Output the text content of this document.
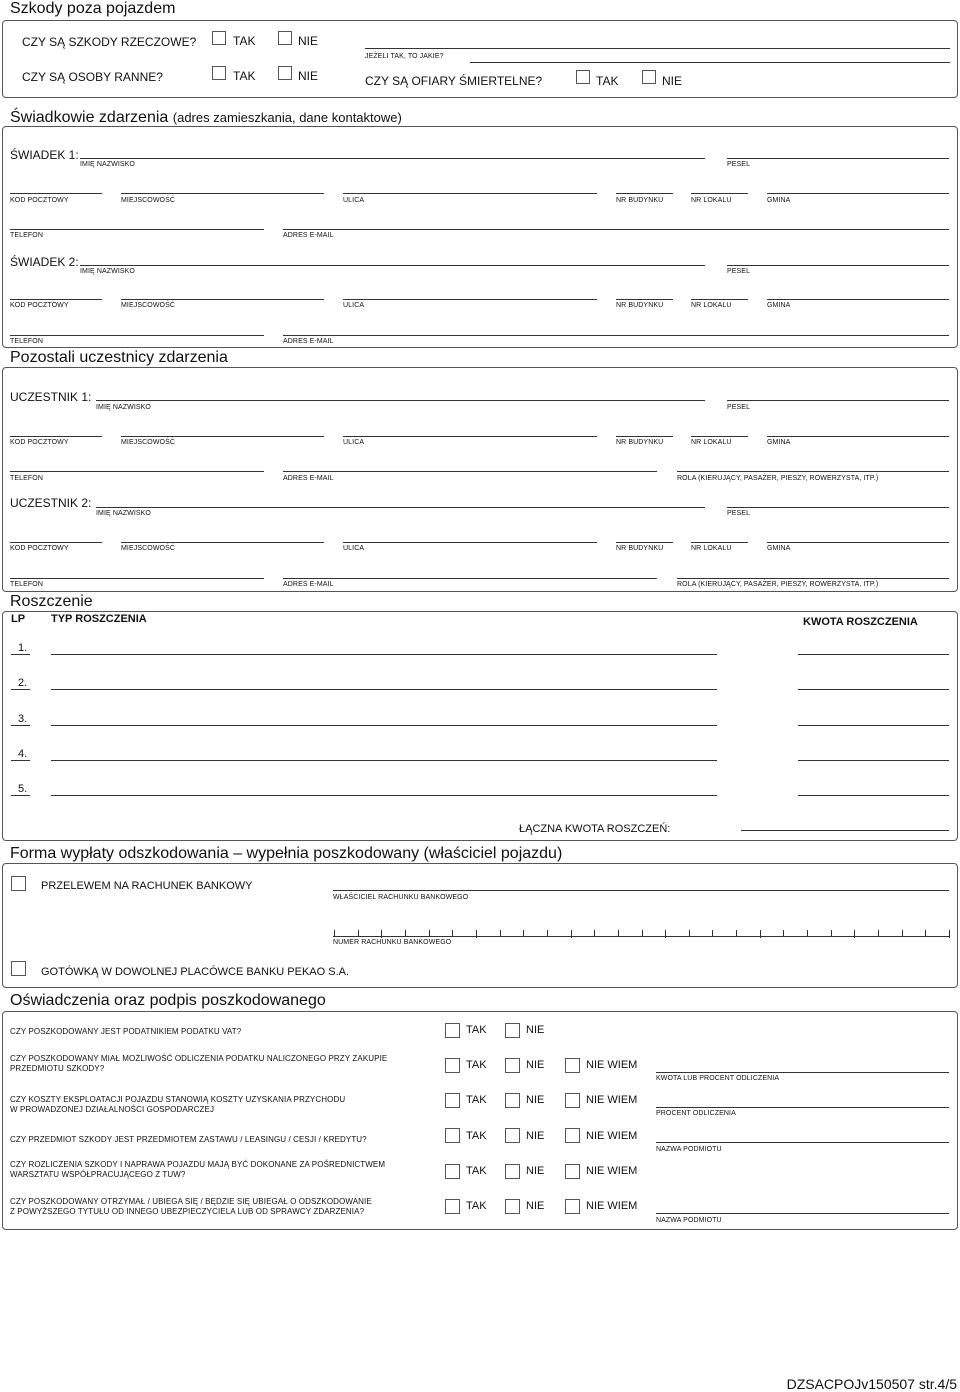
Szkody poza pojazdem
CZY SĄ SZKODY RZECZOWE?	TAK	NIE
JEŻELI TAK, TO JAKIE?
CZY SĄ OSOBY RANNE?	TAK	NIE	CZY SĄ OFIARY ŚMIERTELNE?	TAK	NIE
Świadkowie zdarzenia (adres zamieszkania, dane kontaktowe)
ŚWIADEK 1:
IMIĘ NAZWISKO	PESEL
KOD POCZTOWY	MIEJSCOWOŚĆ	ULICA	NR BUDYNKU	NR LOKALU	GMINA
TELEFON	ADRES E-MAIL
ŚWIADEK 2:
IMIĘ NAZWISKO	PESEL
KOD POCZTOWY	MIEJSCOWOŚĆ	ULICA	NR BUDYNKU	NR LOKALU	GMINA
TELEFON	ADRES E-MAIL
Pozostali uczestnicy zdarzenia
UCZESTNIK 1:
IMIĘ NAZWISKO	PESEL
KOD POCZTOWY	MIEJSCOWOŚĆ	ULICA	NR BUDYNKU	NR LOKALU	GMINA
TELEFON	ADRES E-MAIL	ROLA (KIERUJĄCY, PASAŻER, PIESZY, ROWERZYSTA, ITP.)
UCZESTNIK 2:
IMIĘ NAZWISKO	PESEL
KOD POCZTOWY	MIEJSCOWOŚĆ	ULICA	NR BUDYNKU	NR LOKALU	GMINA
TELEFON	ADRES E-MAIL	ROLA (KIERUJĄCY, PASAŻER, PIESZY, ROWERZYSTA, ITP.)
Roszczenie
LP TYP ROSZCZENIA	KWOTA ROSZCZENIA
1.
2.
3.
4.
5.
ŁĄCZNA KWOTA ROSZCZEŃ:
Forma wypłaty odszkodowania – wypełnia poszkodowany (właściciel pojazdu)
PRZELEWEM NA RACHUNEK BANKOWY
WŁAŚCICIEL RACHUNKU BANKOWEGO
NUMER RACHUNKU BANKOWEGO
GOTÓWKĄ W DOWOLNEJ PLACÓWCE BANKU PEKAO S.A.
Oświadczenia oraz podpis poszkodowanego
CZY POSZKODOWANY JEST PODATNIKIEM PODATKU VAT?	TAK	NIE
CZY POSZKODOWANY MIAŁ MOŻLIWOŚĆ ODLICZENIA PODATKU NALICZONEGO PRZY ZAKUPIE
PRZEDMIOTU SZKODY?	TAK	NIE	NIE WIEM
KWOTA LUB PROCENT ODLICZENIA
CZY KOSZTY EKSPLOATACJI POJAZDU STANOWIĄ KOSZTY UZYSKANIA PRZYCHODU
W PROWADZONEJ DZIAŁALNOŚCI GOSPODARCZEJ
TAK	NIE	NIE WIEM
PROCENT ODLICZENIA
CZY PRZEDMIOT SZKODY JEST PRZEDMIOTEM ZASTAWU / LEASINGU / CESJI / KREDYTU?	TAK	NIE	NIE WIEM
NAZWA PODMIOTU
CZY ROZLICZENIA SZKODY I NAPRAWA POJAZDU MAJĄ BYĆ DOKONANE ZA POŚREDNICTWEM
WARSZTATU WSPÓŁPRACUJĄCEGO Z TUW?	TAK	NIE	NIE WIEM
CZY POSZKODOWANY OTRZYMAŁ / UBIEGA SIĘ / BĘDZIE SIĘ UBIEGAŁ O ODSZKODOWANIE
Z POWYŻSZEGO TYTUŁU OD INNEGO UBEZPIECZYCIELA LUB OD SPRAWCY ZDARZENIA?	TAK	NIE	NIE WIEM
NAZWA PODMIOTU
DZSACPOJv150507 str.4/5
